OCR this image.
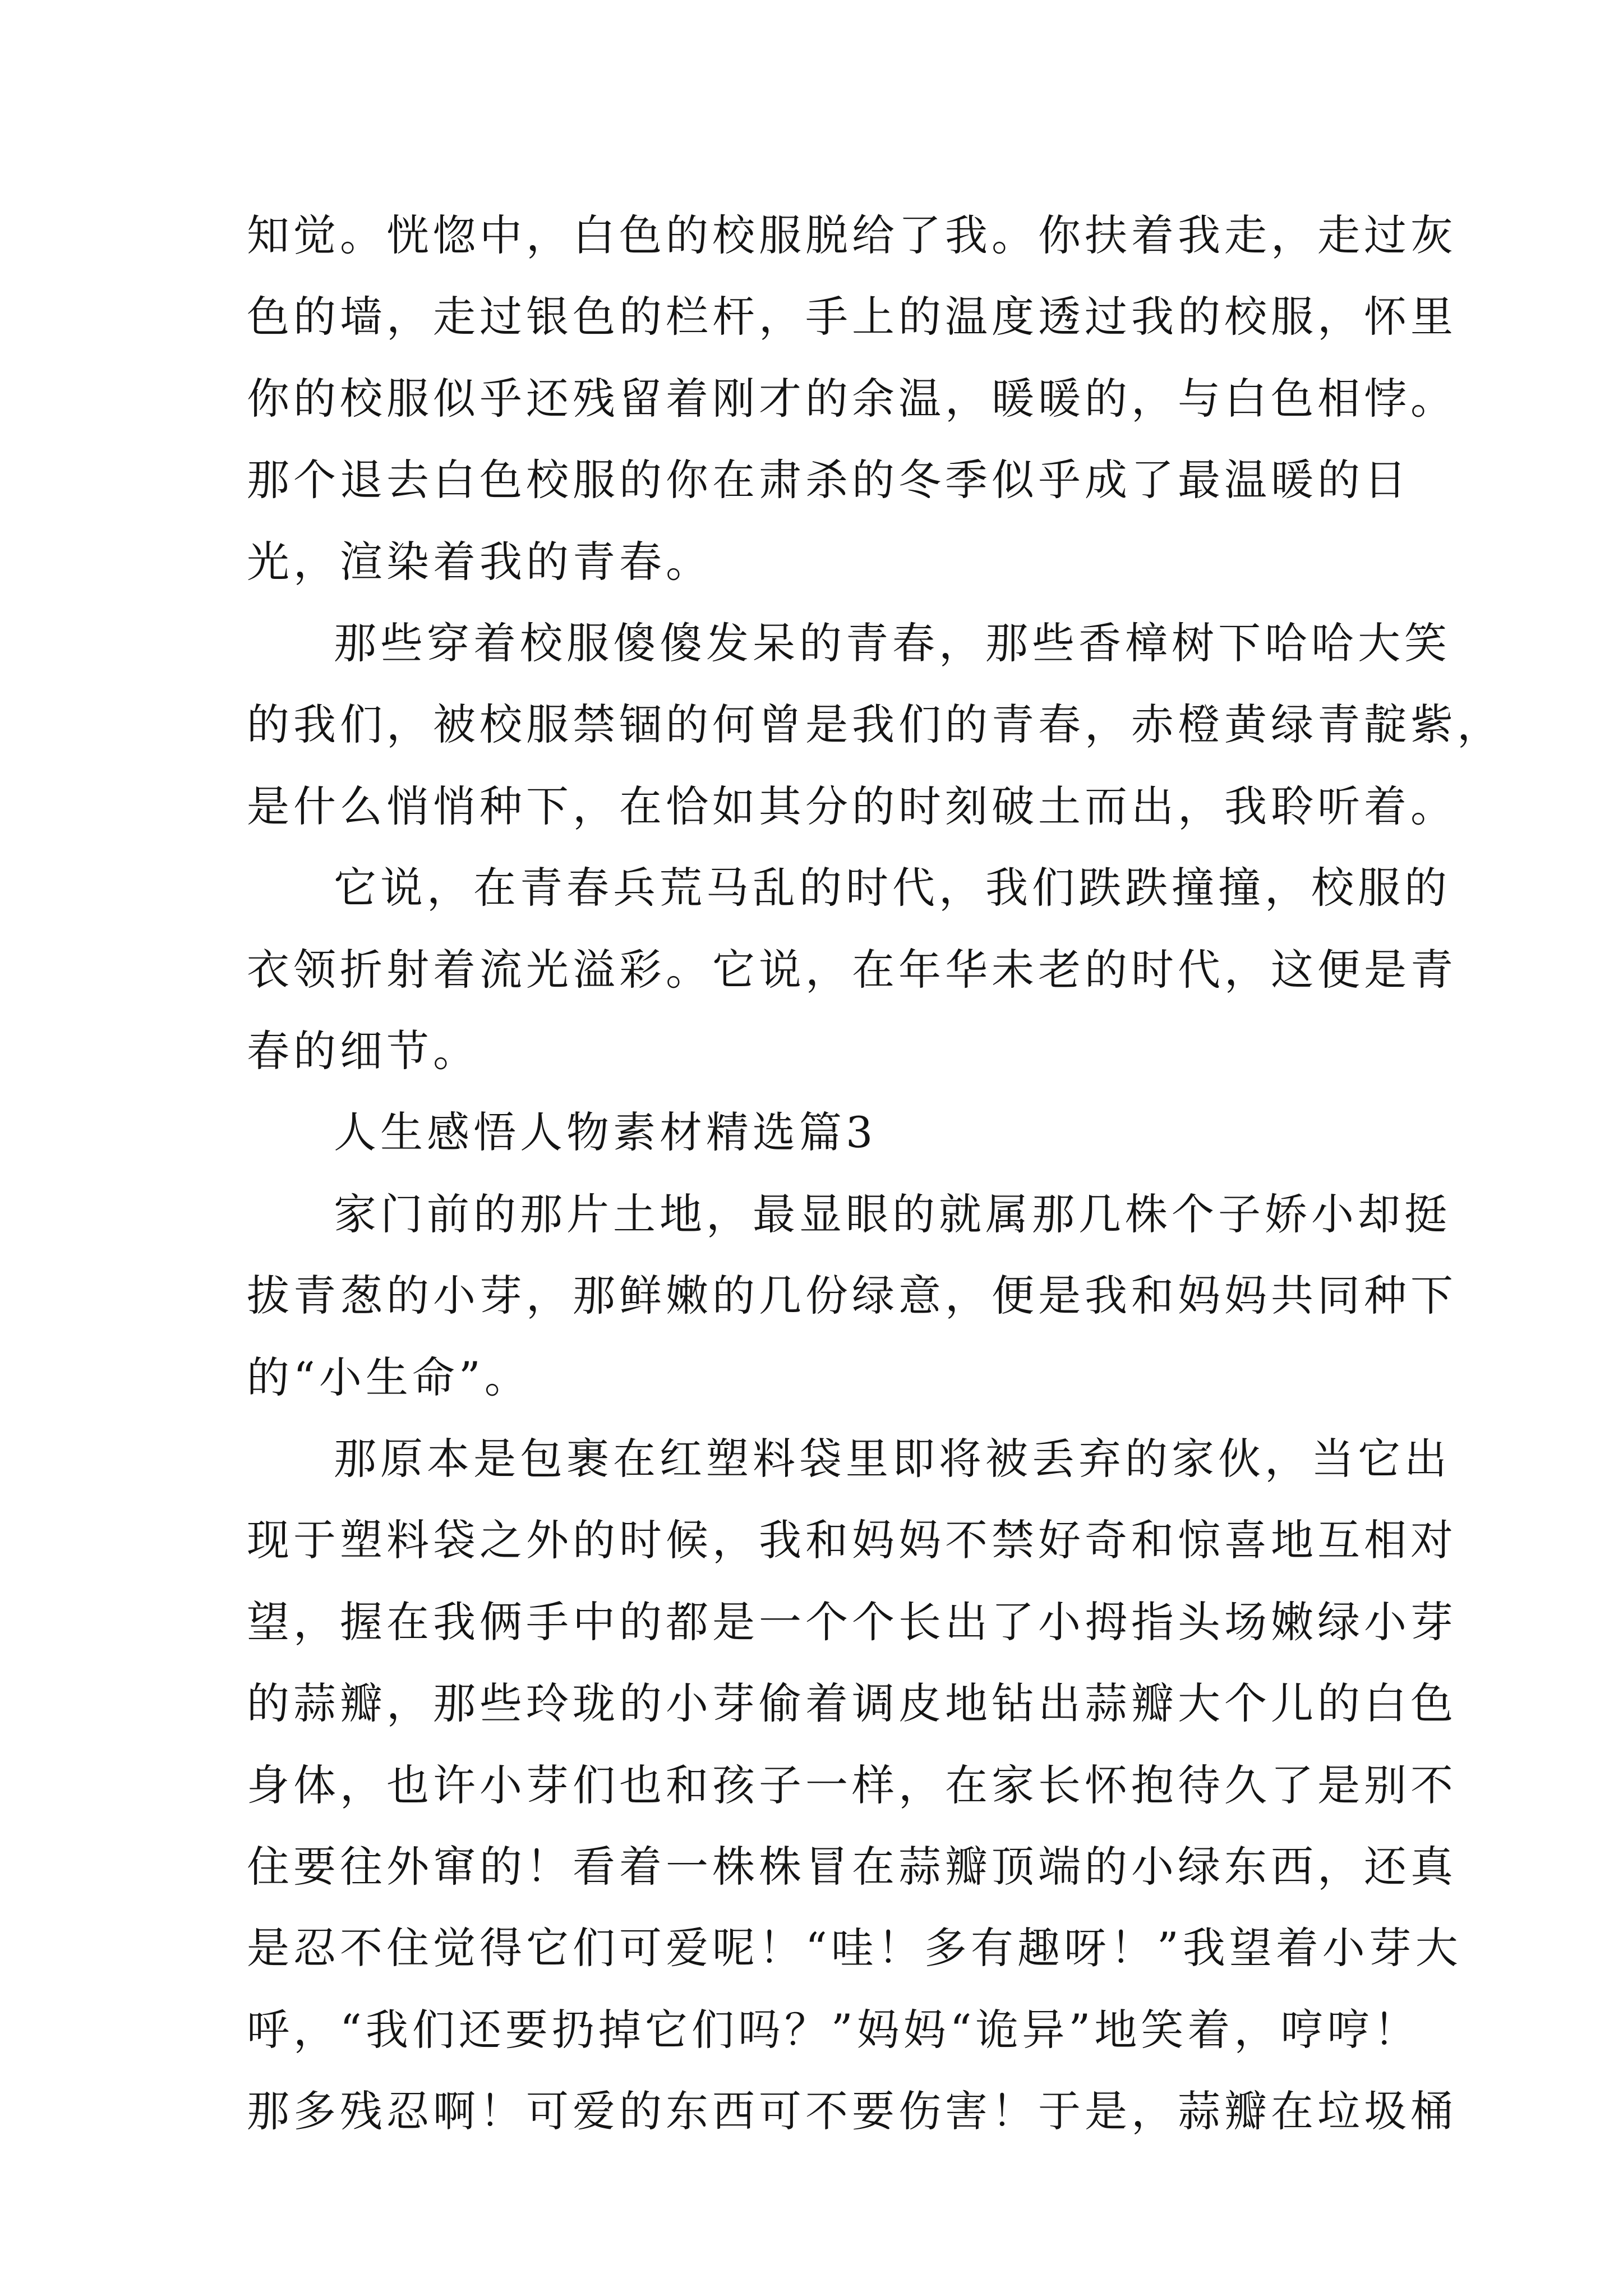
知觉。恍惚中，白色的校服脱给了我。你扶着我走，走过灰
色的墙，走过银色的栏杆，手上的温度透过我的校服，怀里
你的校服似乎还残留着刚才的余温，暖暖的，与白色相悖。
那个退去白色校服的你在肃杀的冬季似乎成了最温暖的日
光，渲染着我的青春。
那些穿着校服傻傻发呆的青春，那些香樟树下哈哈大笑
的我们，被校服禁锢的何曾是我们的青春，赤橙黄绿青靛紫，
是什么悄悄种下，在恰如其分的时刻破土而出，我聆听着。
它说，在青春兵荒马乱的时代，我们跌跌撞撞，校服的
衣领折射着流光溢彩。它说，在年华未老的时代，这便是青
春的细节。
人生感悟人物素材精选篇3
家门前的那片土地，最显眼的就属那几株个子娇小却挺
拔青葱的小芽，那鲜嫩的几份绿意，便是我和妈妈共同种下
的“小生命”。
那原本是包裹在红塑料袋里即将被丢弃的家伙，当它出
现于塑料袋之外的时候，我和妈妈不禁好奇和惊喜地互相对
望，握在我俩手中的都是一个个长出了小拇指头场嫩绿小芽
的蒜瓣，那些玲珑的小芽偷着调皮地钻出蒜瓣大个儿的白色
身体，也许小芽们也和孩子一样，在家长怀抱待久了是别不
住要往外窜的！看着一株株冒在蒜瓣顶端的小绿东西，还真
是忍不住觉得它们可爱呢！“哇！多有趣呀！”我望着小芽大
呼，“我们还要扔掉它们吗？”妈妈“诡异”地笑着，哼哼！
那多残忍啊！可爱的东西可不要伤害！于是，蒜瓣在垃圾桶
